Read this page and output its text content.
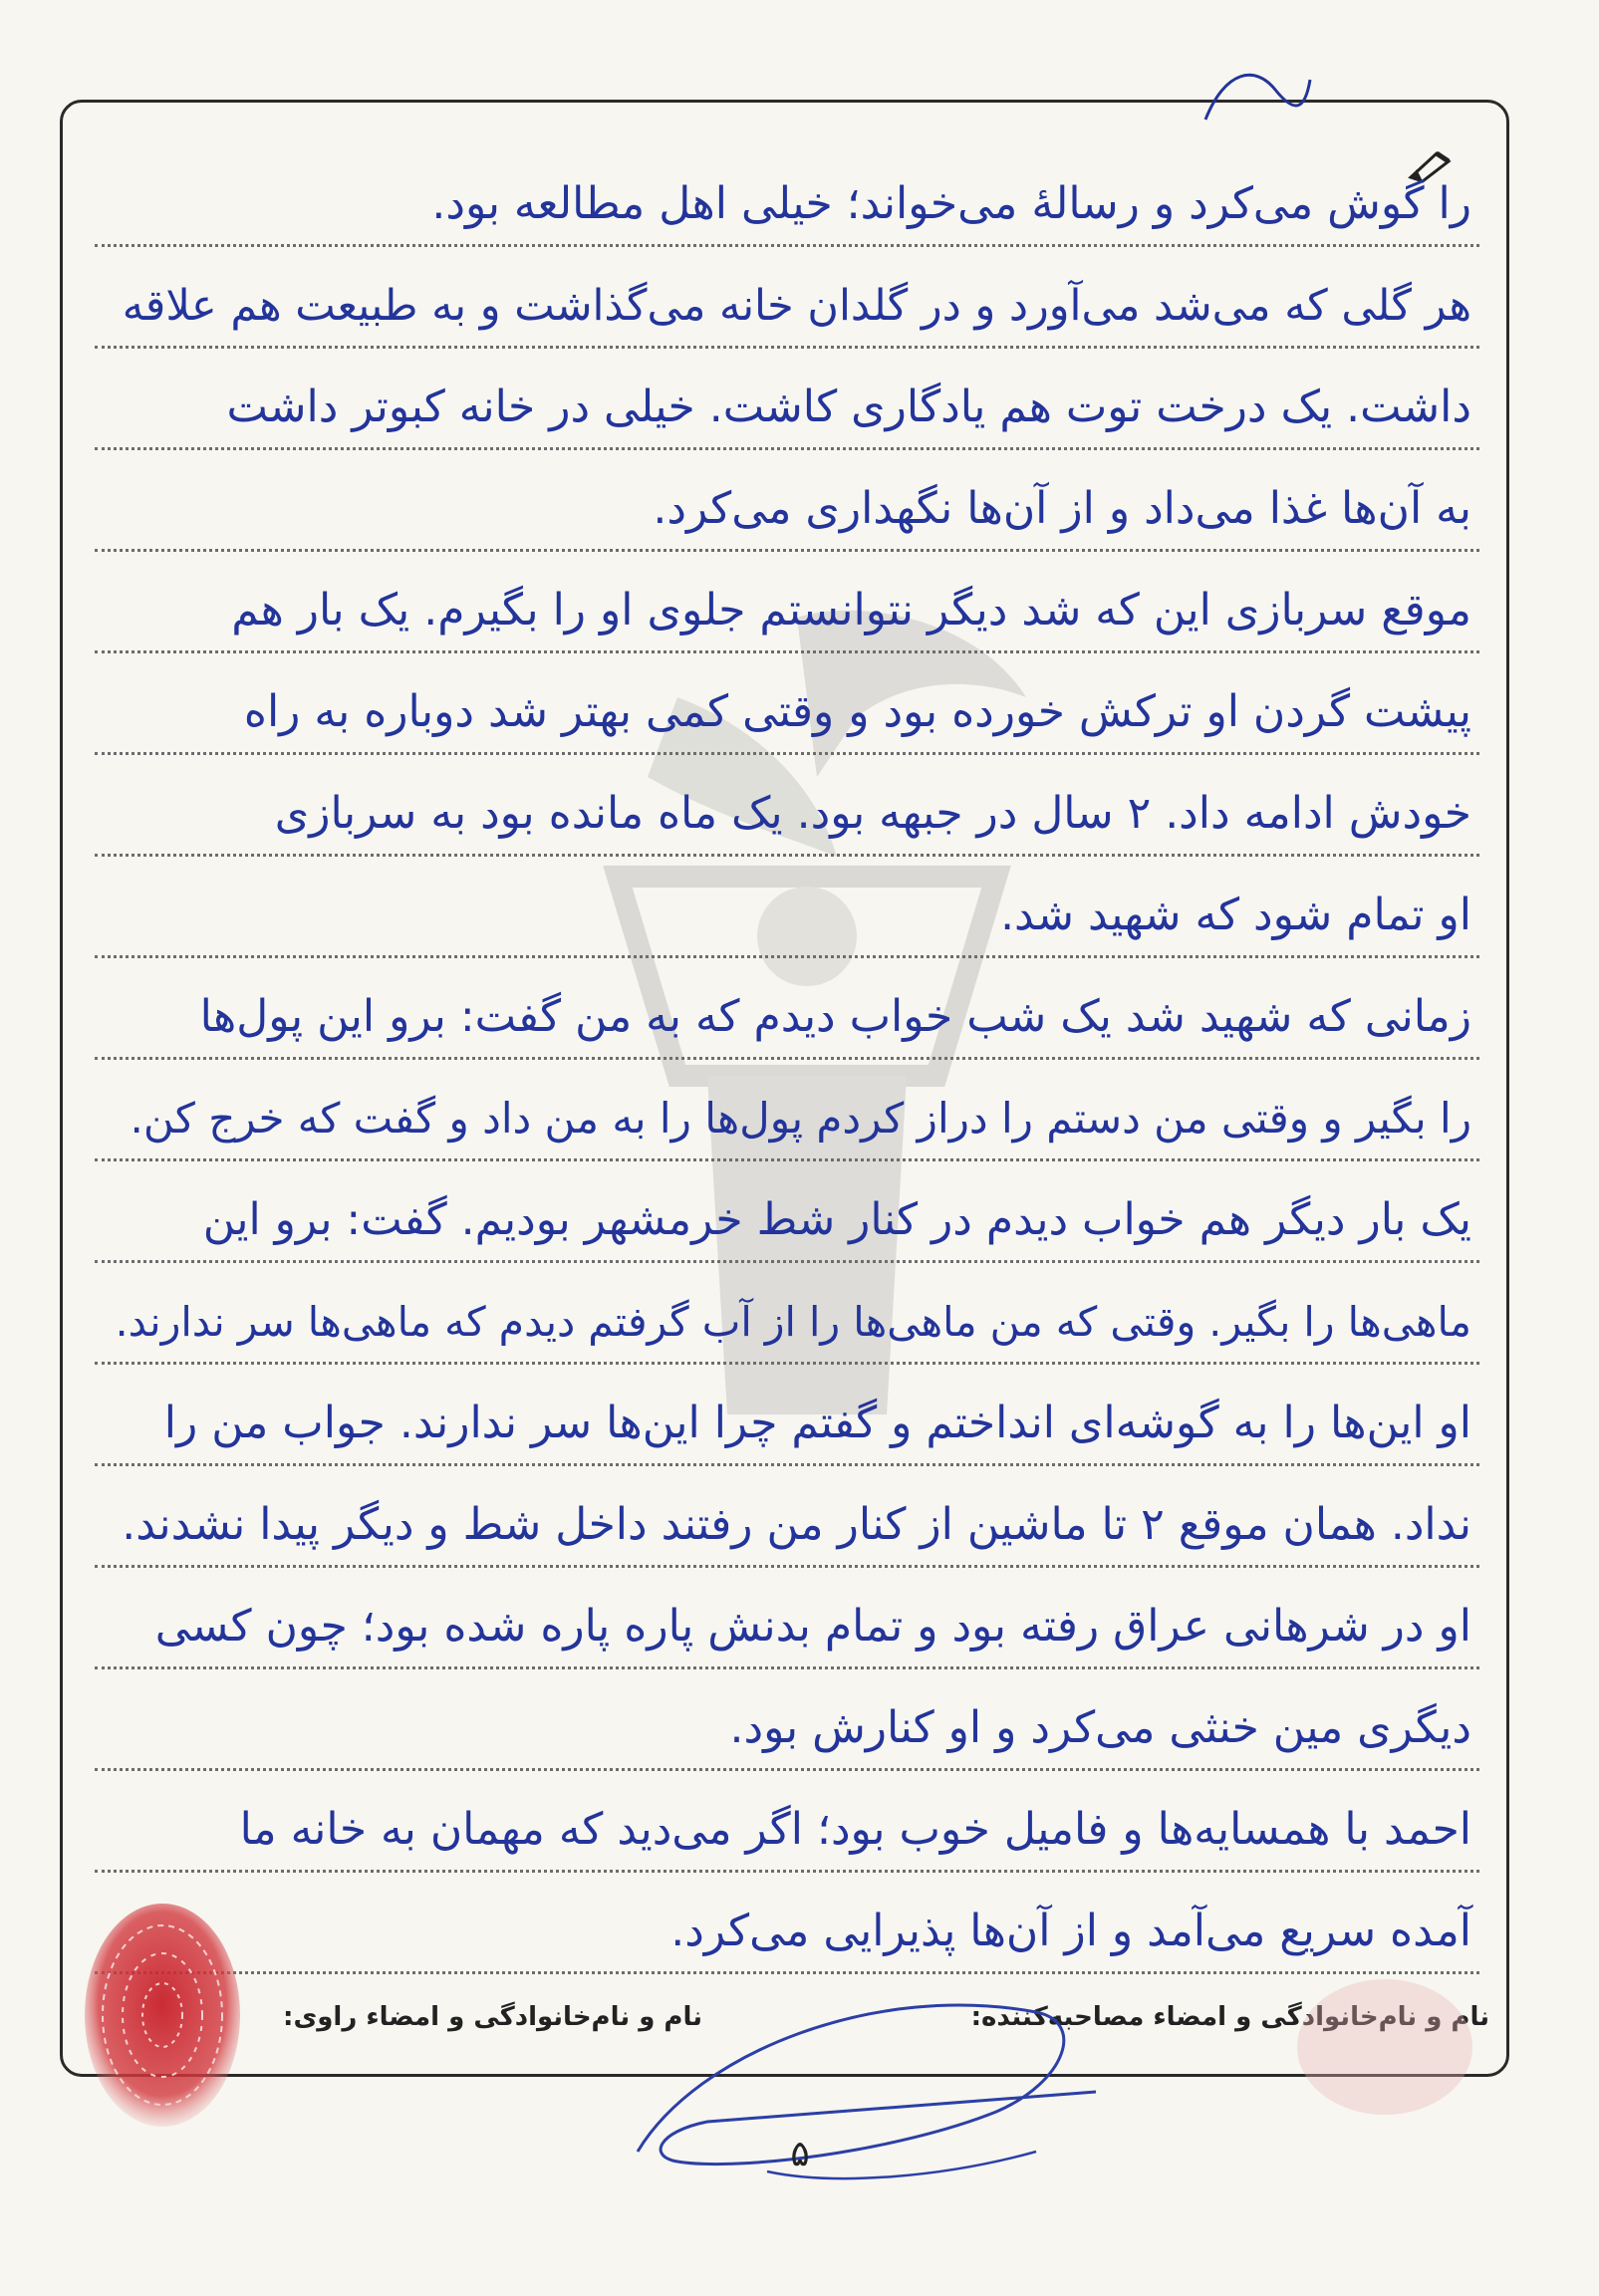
را گوش می‌کرد و رسالهٔ می‌خواند؛ خیلی اهل مطالعه بود.
هر گلی که می‌شد می‌آورد و در گلدان خانه می‌گذاشت و به طبیعت هم علاقه
داشت. یک درخت توت هم یادگاری کاشت. خیلی در خانه کبوتر داشت
به آن‌ها غذا می‌داد و از آن‌ها نگهداری می‌کرد.
موقع سربازی این که شد دیگر نتوانستم جلوی او را بگیرم. یک بار هم
پیشت گردن او ترکش خورده بود و وقتی کمی بهتر شد دوباره به راه
خودش ادامه داد. ۲ سال در جبهه بود. یک ماه مانده بود به سربازی
او تمام شود که شهید شد.
زمانی که شهید شد یک شب خواب دیدم که به من گفت: برو این پول‌ها
را بگیر و وقتی من دستم را دراز کردم پول‌ها را به من داد و گفت که خرج کن.
یک بار دیگر هم خواب دیدم در کنار شط خرمشهر بودیم. گفت: برو این
ماهی‌ها را بگیر. وقتی که من ماهی‌ها را از آب گرفتم دیدم که ماهی‌ها سر ندارند.
او این‌ها را به گوشه‌ای انداختم و گفتم چرا این‌ها سر ندارند. جواب من را
نداد. همان موقع ۲ تا ماشین از کنار من رفتند داخل شط و دیگر پیدا نشدند.
او در شرهانی عراق رفته بود و تمام بدنش پاره پاره شده بود؛ چون کسی
دیگری مین خنثی می‌کرد و او کنارش بود.
احمد با همسایه‌ها و فامیل خوب بود؛ اگر می‌دید که مهمان به خانه ما
آمده سریع می‌آمد و از آن‌ها پذیرایی می‌کرد.
نام و نام‌خانوادگی و امضاء مصاحبه‌کننده:
نام و نام‌خانوادگی و امضاء راوی:
۵
